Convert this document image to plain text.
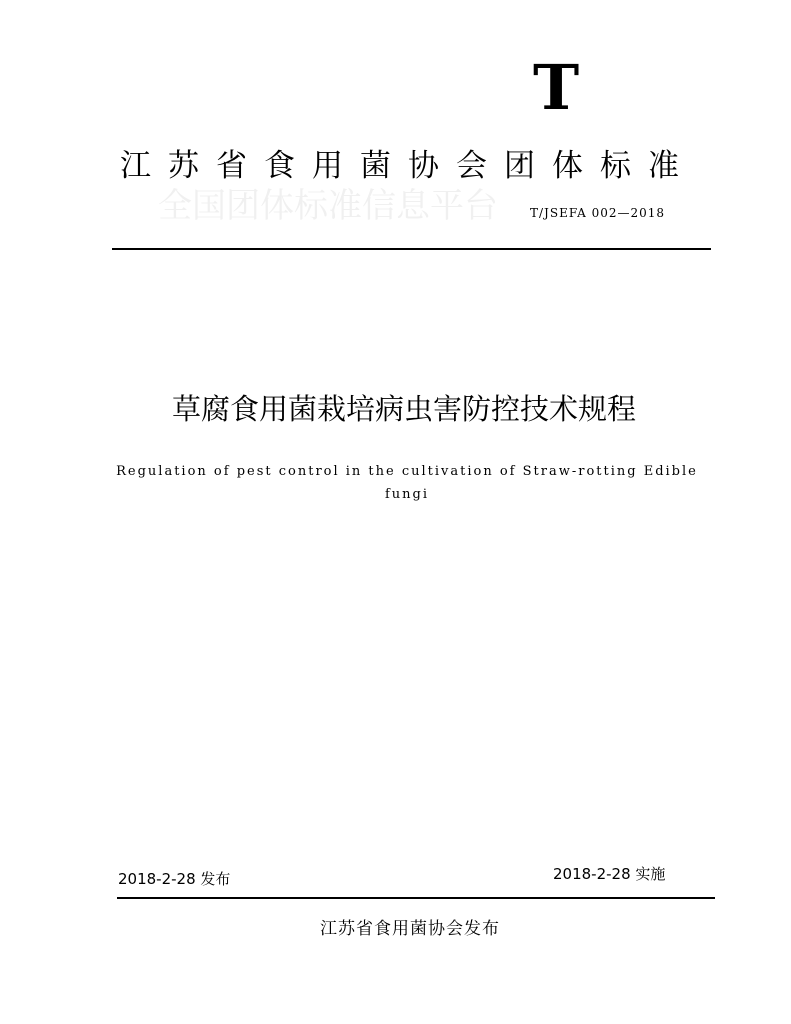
T
江苏省食用菌协会团体标准
全国团体标准信息平台	T/JSEFA 002—2018
草腐食用菌栽培病虫害防控技术规程
Regulation of pest control in the cultivation of Straw-rotting Edible fungi
2018-2-28 发布	2018-2-28 实施
江苏省食用菌协会发布
